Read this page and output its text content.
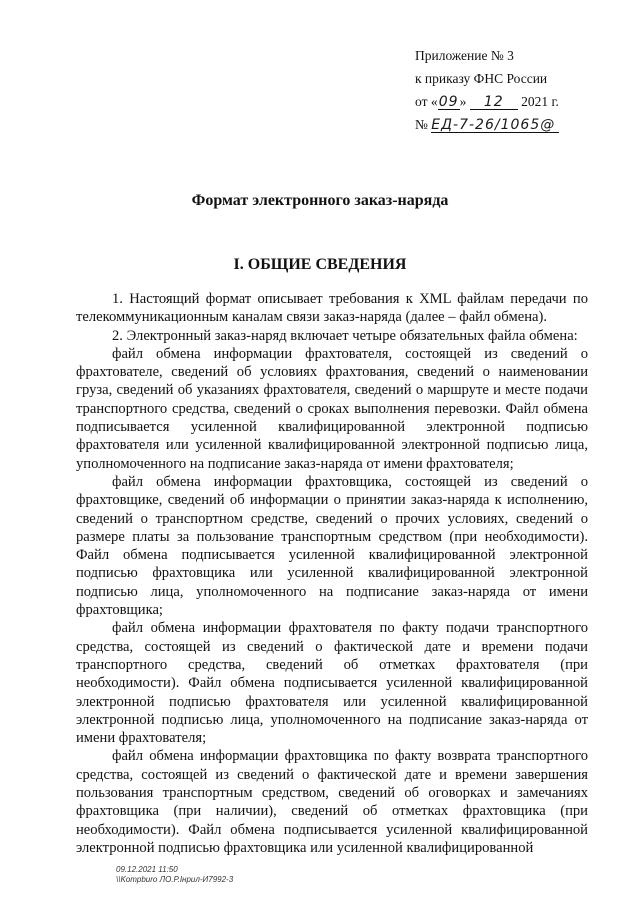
Приложение № 3
к приказу ФНС России
от «09» 12 2021 г.
№ ЕД-7-26/1065@
Формат электронного заказ-наряда
I. ОБЩИЕ СВЕДЕНИЯ

1. Настоящий формат описывает требования к XML файлам передачи по телекоммуникационным каналам связи заказ-наряда (далее – файл обмена).

2. Электронный заказ-наряд включает четыре обязательных файла обмена:

файл обмена информации фрахтователя, состоящей из сведений о фрахтователе, сведений об условиях фрахтования, сведений о наименовании груза, сведений об указаниях фрахтователя, сведений о маршруте и месте подачи транспортного средства, сведений о сроках выполнения перевозки. Файл обмена подписывается усиленной квалифицированной электронной подписью фрахтователя или усиленной квалифицированной электронной подписью лица, уполномоченного на подписание заказ-наряда от имени фрахтователя;

файл обмена информации фрахтовщика, состоящей из сведений о фрахтовщике, сведений об информации о принятии заказ-наряда к исполнению, сведений о транспортном средстве, сведений о прочих условиях, сведений о размере платы за пользование транспортным средством (при необходимости). Файл обмена подписывается усиленной квалифицированной электронной подписью фрахтовщика или усиленной квалифицированной электронной подписью лица, уполномоченного на подписание заказ-наряда от имени фрахтовщика;

файл обмена информации фрахтователя по факту подачи транспортного средства, состоящей из сведений о фактической дате и времени подачи транспортного средства, сведений об отметках фрахтователя (при необходимости). Файл обмена подписывается усиленной квалифицированной электронной подписью фрахтователя или усиленной квалифицированной электронной подписью лица, уполномоченного на подписание заказ-наряда от имени фрахтователя;

файл обмена информации фрахтовщика по факту возврата транспортного средства, состоящей из сведений о фактической дате и времени завершения пользования транспортным средством, сведений об оговорках и замечаниях фрахтовщика (при наличии), сведений об отметках фрахтовщика (при необходимости). Файл обмена подписывается усиленной квалифицированной электронной подписью фрахтовщика или усиленной квалифицированной

09.12.2021 11:50
\\Kompburo ЛО.Р.Інрил-И7992-3
